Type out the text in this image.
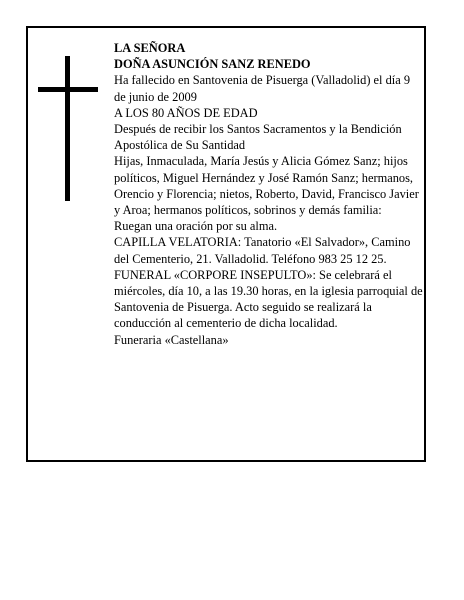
LA SEÑORA

DOÑA ASUNCIÓN SANZ RENEDO

Ha fallecido en Santovenia de Pisuerga (Valladolid) el día 9 de junio de 2009

A LOS 80 AÑOS DE EDAD

Después de recibir los Santos Sacramentos y la Bendición Apostólica de Su Santidad

Hijas, Inmaculada, María Jesús y Alicia Gómez Sanz; hijos políticos, Miguel Hernández y José Ramón Sanz; hermanos, Orencio y Florencia; nietos, Roberto, David, Francisco Javier y Aroa; hermanos políticos, sobrinos y demás familia:

Ruegan una oración por su alma.

CAPILLA VELATORIA: Tanatorio «El Salvador», Camino del Cementerio, 21. Valladolid. Teléfono 983 25 12 25.

FUNERAL «CORPORE INSEPULTO»: Se celebrará el miércoles, día 10, a las 19.30 horas, en la iglesia parroquial de Santovenia de Pisuerga. Acto seguido se realizará la conducción al cementerio de dicha localidad.

Funeraria «Castellana»
